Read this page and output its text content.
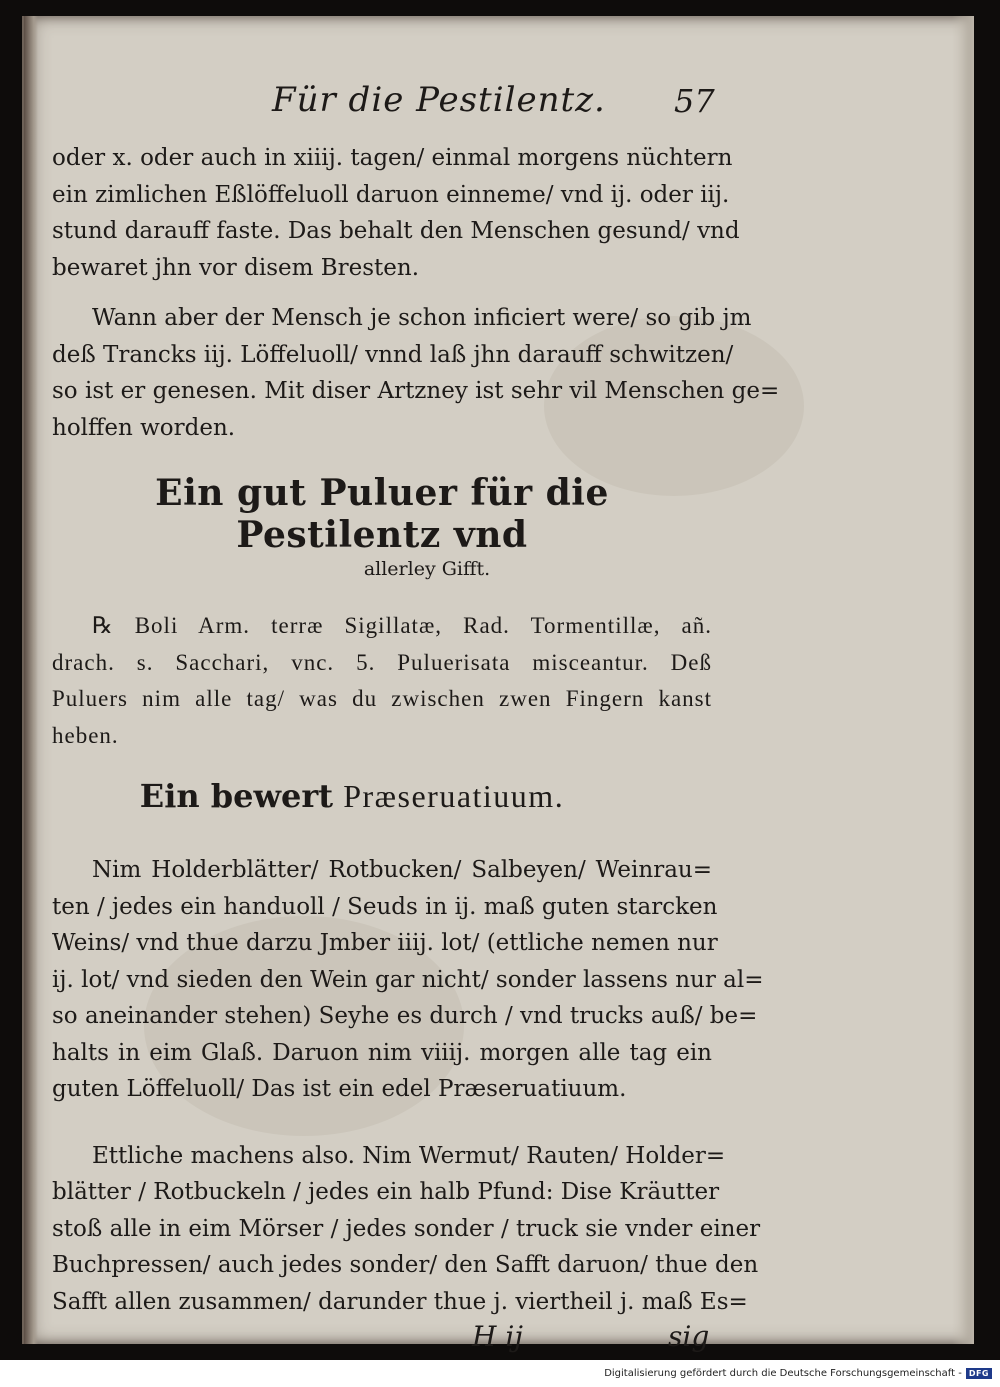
Für die Pestilentz. 57

oder x. oder auch in xiiij. tagen/ einmal morgens nüchtern
ein zimlichen Eßlöffeluoll daruon einneme/ vnd ij. oder iij.
stund darauff faste. Das behalt den Menschen gesund/ vnd
bewaret jhn vor disem Bresten.

Wann aber der Mensch je schon inficiert were/ so gib jm
deß Trancks iij. Löffeluoll/ vnnd laß jhn darauff schwitzen/
so ist er genesen. Mit diser Artzney ist sehr vil Menschen ge=
holffen worden.

Ein gut Puluer für die Pestilentz vnd
allerley Gifft.

℞ Boli Arm. terræ Sigillatæ, Rad. Tormentillæ, añ.
drach. s. Sacchari, vnc. 5. Puluerisata misceantur. Deß
Puluers nim alle tag/ was du zwischen zwen Fingern kanst
heben.

Ein bewert Præseruatiuum.

Nim Holderblätter/ Rotbucken/ Salbeyen/ Weinrau=
ten / jedes ein handuoll / Seuds in ij. maß guten starcken
Weins/ vnd thue darzu Jmber iiij. lot/ (ettliche nemen nur
ij. lot/ vnd sieden den Wein gar nicht/ sonder lassens nur al=
so aneinander stehen) Seyhe es durch / vnd trucks auß/ be=
halts in eim Glaß. Daruon nim viiij. morgen alle tag ein
guten Löffeluoll/ Das ist ein edel Præseruatiuum.

Ettliche machens also. Nim Wermut/ Rauten/ Holder=
blätter / Rotbuckeln / jedes ein halb Pfund: Dise Kräutter
stoß alle in eim Mörser / jedes sonder / truck sie vnder einer
Buchpressen/ auch jedes sonder/ den Safft daruon/ thue den
Safft allen zusammen/ darunder thue j. viertheil j. maß Es=

H ij	sig
Digitalisierung gefördert durch die Deutsche Forschungsgemeinschaft - DFG
